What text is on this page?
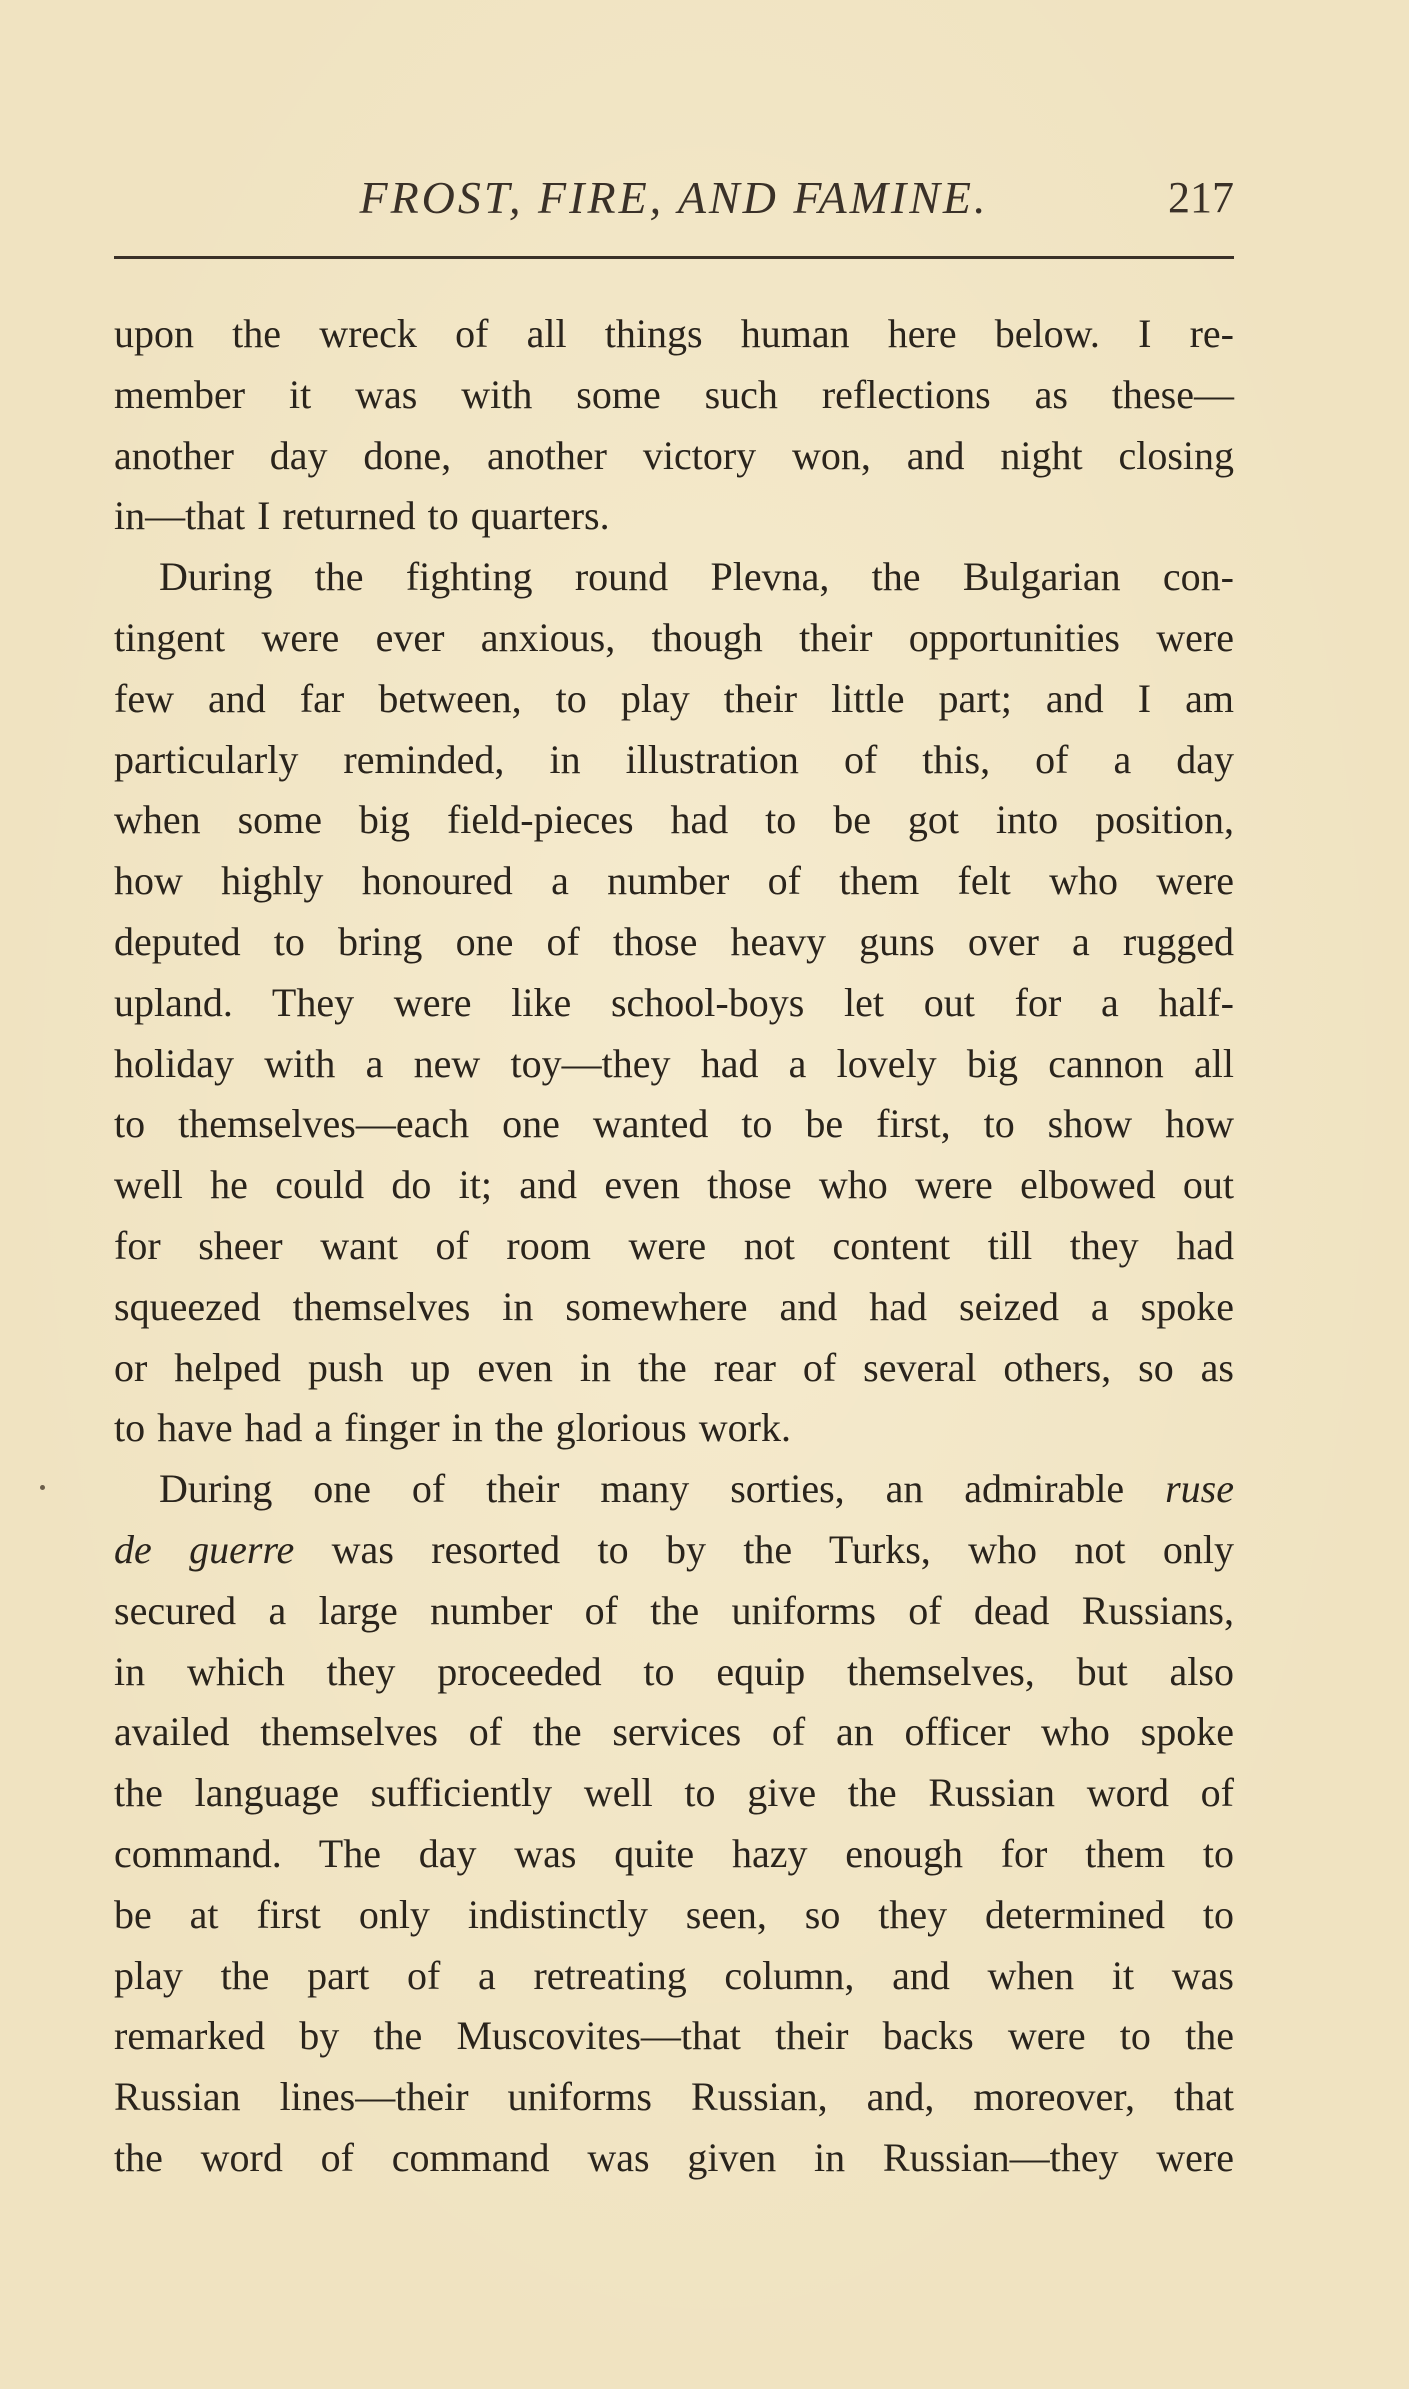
FROST, FIRE, AND FAMINE.	217
upon the wreck of all things human here below. I re-
member it was with some such reflections as these—
another day done, another victory won, and night closing
in—that I returned to quarters.
During the fighting round Plevna, the Bulgarian con-
tingent were ever anxious, though their opportunities were
few and far between, to play their little part; and I am
particularly reminded, in illustration of this, of a day
when some big field-pieces had to be got into position,
how highly honoured a number of them felt who were
deputed to bring one of those heavy guns over a rugged
upland. They were like school-boys let out for a half-
holiday with a new toy—they had a lovely big cannon all
to themselves—each one wanted to be first, to show how
well he could do it; and even those who were elbowed out
for sheer want of room were not content till they had
squeezed themselves in somewhere and had seized a spoke
or helped push up even in the rear of several others, so as
to have had a finger in the glorious work.
During one of their many sorties, an admirable ruse
de guerre was resorted to by the Turks, who not only
secured a large number of the uniforms of dead Russians,
in which they proceeded to equip themselves, but also
availed themselves of the services of an officer who spoke
the language sufficiently well to give the Russian word of
command. The day was quite hazy enough for them to
be at first only indistinctly seen, so they determined to
play the part of a retreating column, and when it was
remarked by the Muscovites—that their backs were to the
Russian lines—their uniforms Russian, and, moreover, that
the word of command was given in Russian—they were
